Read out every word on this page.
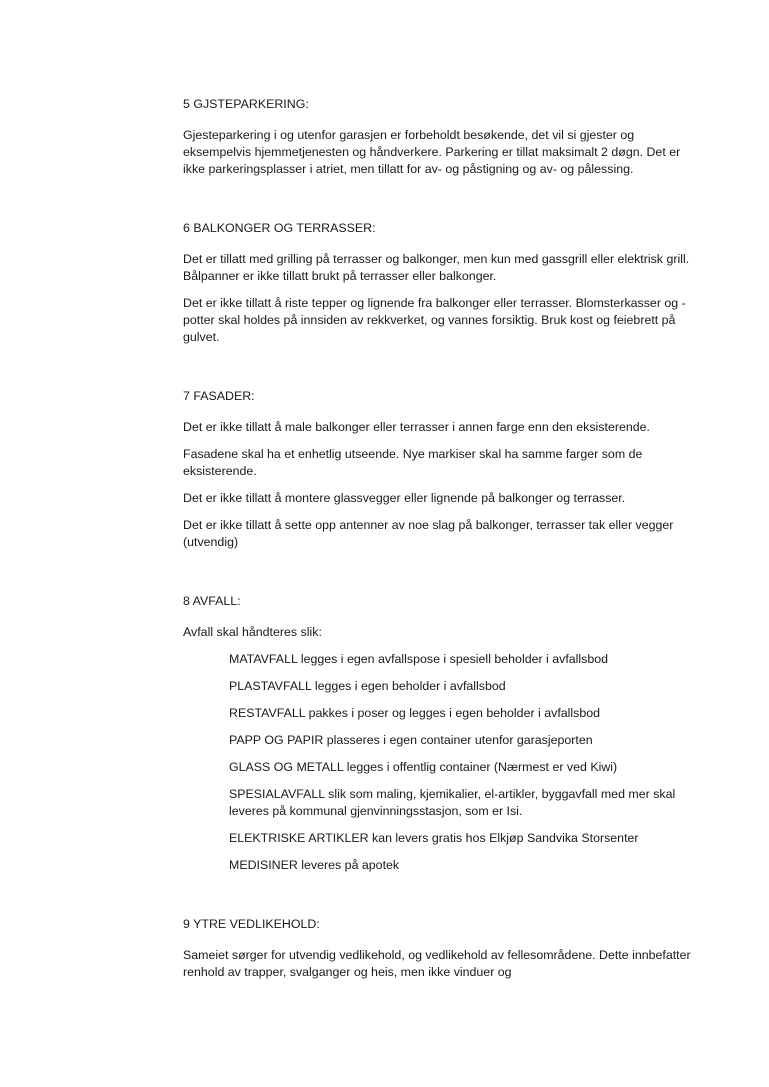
5 GJSTEPARKERING:

Gjesteparkering i og utenfor garasjen er forbeholdt besøkende, det vil si gjester og eksempelvis hjemmetjenesten og håndverkere. Parkering er tillat maksimalt 2 døgn. Det er ikke parkeringsplasser i atriet, men tillatt for av- og påstigning og av- og pålessing.

6 BALKONGER OG TERRASSER:

Det er tillatt med grilling på terrasser og balkonger, men kun med gassgrill eller elektrisk grill. Bålpanner er ikke tillatt brukt på terrasser eller balkonger.

Det er ikke tillatt å riste tepper og lignende fra balkonger eller terrasser. Blomsterkasser og -potter skal holdes på innsiden av rekkverket, og vannes forsiktig. Bruk kost og feiebrett på gulvet.

7 FASADER:

Det er ikke tillatt å male balkonger eller terrasser i annen farge enn den eksisterende.

Fasadene skal ha et enhetlig utseende. Nye markiser skal ha samme farger som de eksisterende.

Det er ikke tillatt å montere glassvegger eller lignende på balkonger og terrasser.

Det er ikke tillatt å sette opp antenner av noe slag på balkonger, terrasser tak eller vegger (utvendig)

8 AVFALL:

Avfall skal håndteres slik:

MATAVFALL legges i egen avfallspose i spesiell beholder i avfallsbod
PLASTAVFALL legges i egen beholder i avfallsbod
RESTAVFALL pakkes i poser og legges i egen beholder i avfallsbod
PAPP OG PAPIR plasseres i egen container utenfor garasjeporten
GLASS OG METALL legges i offentlig container (Nærmest er ved Kiwi)
SPESIALAVFALL slik som maling, kjemikalier, el-artikler, byggavfall med mer skal leveres på kommunal gjenvinningsstasjon, som er Isi.
ELEKTRISKE ARTIKLER kan levers gratis hos Elkjøp Sandvika Storsenter
MEDISINER leveres på apotek

9 YTRE VEDLIKEHOLD:

Sameiet sørger for utvendig vedlikehold, og vedlikehold av fellesområdene. Dette innbefatter renhold av trapper, svalganger og heis, men ikke vinduer og
